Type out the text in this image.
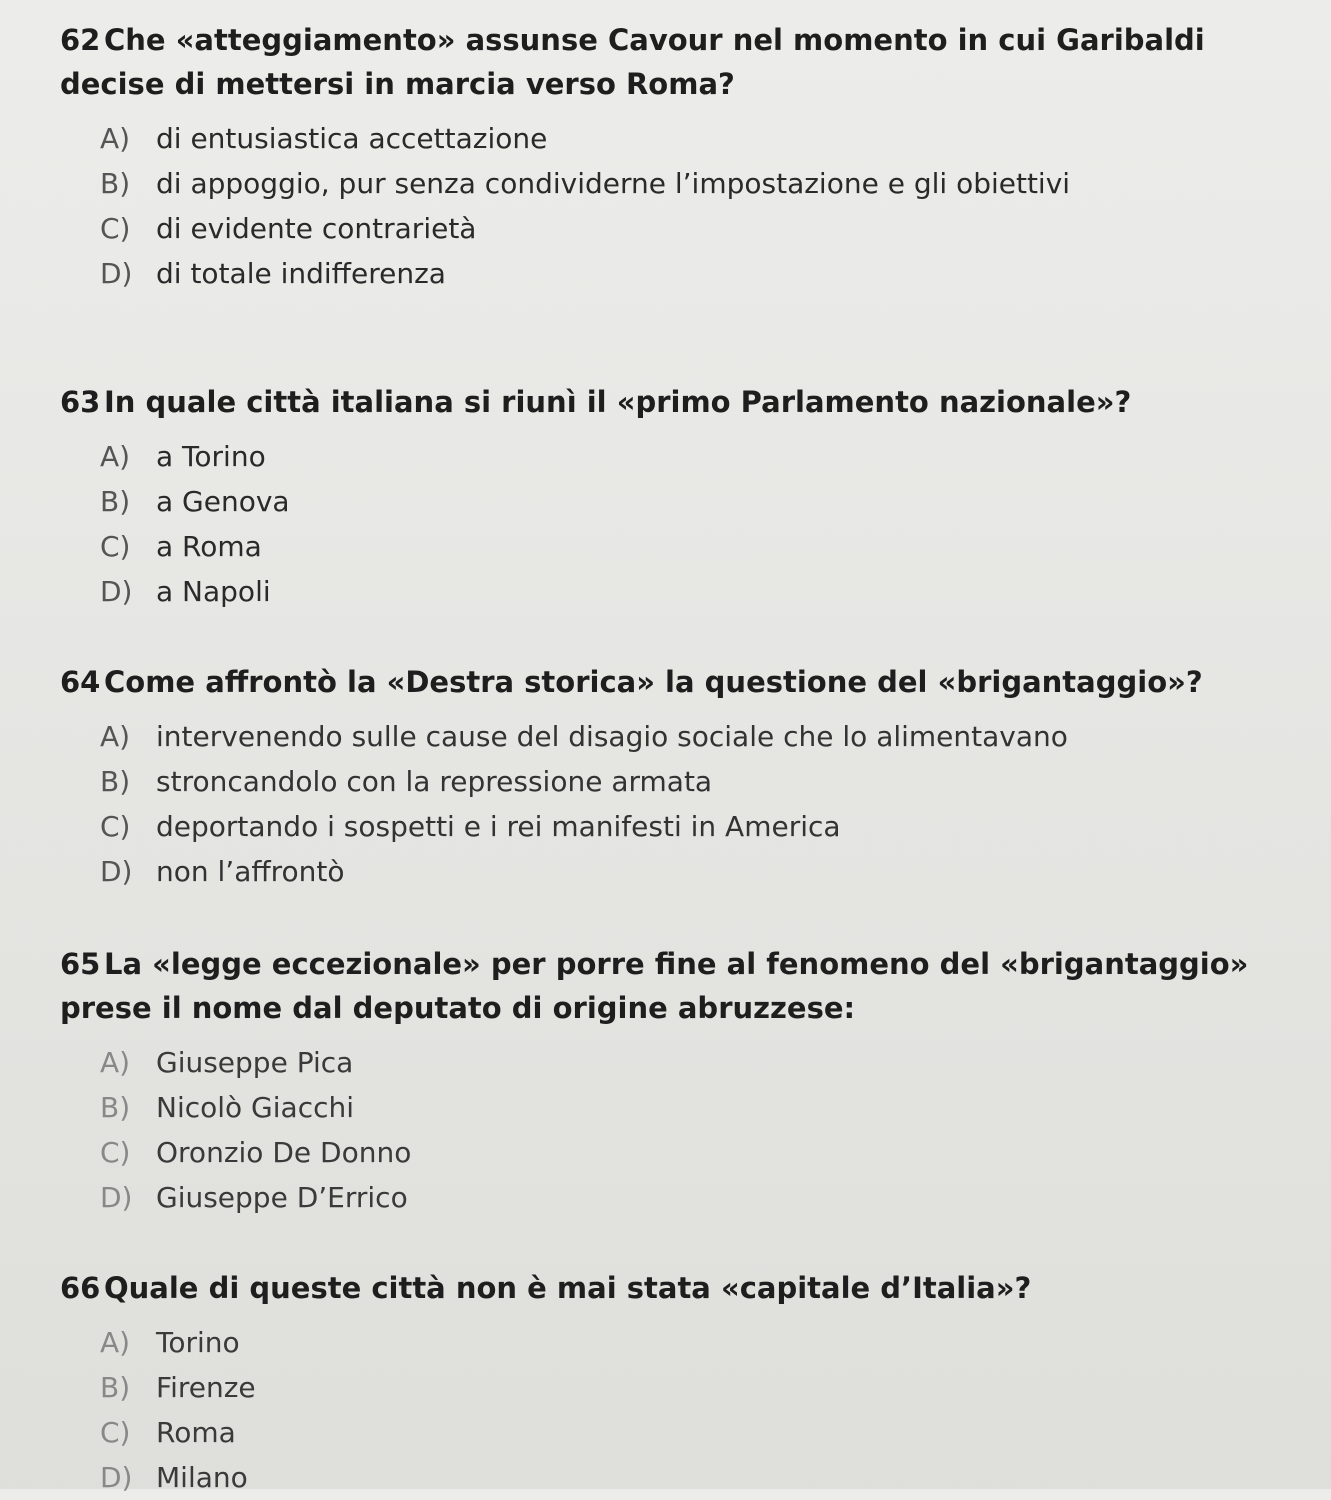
62 Che «atteggiamento» assunse Cavour nel momento in cui Garibaldi decise di mettersi in marcia verso Roma?

A) di entusiastica accettazione
B) di appoggio, pur senza condividerne l’impostazione e gli obiettivi
C) di evidente contrarietà
D) di totale indifferenza

63 In quale città italiana si riunì il «primo Parlamento nazionale»?

A) a Torino
B) a Genova
C) a Roma
D) a Napoli

64 Come affrontò la «Destra storica» la questione del «brigantaggio»?

A) intervenendo sulle cause del disagio sociale che lo alimentavano
B) stroncandolo con la repressione armata
C) deportando i sospetti e i rei manifesti in America
D) non l’affrontò

65 La «legge eccezionale» per porre fine al fenomeno del «brigantaggio» prese il nome dal deputato di origine abruzzese:

A) Giuseppe Pica
B) Nicolò Giacchi
C) Oronzio De Donno
D) Giuseppe D’Errico

66 Quale di queste città non è mai stata «capitale d’Italia»?

A) Torino
B) Firenze
C) Roma
D) Milano
